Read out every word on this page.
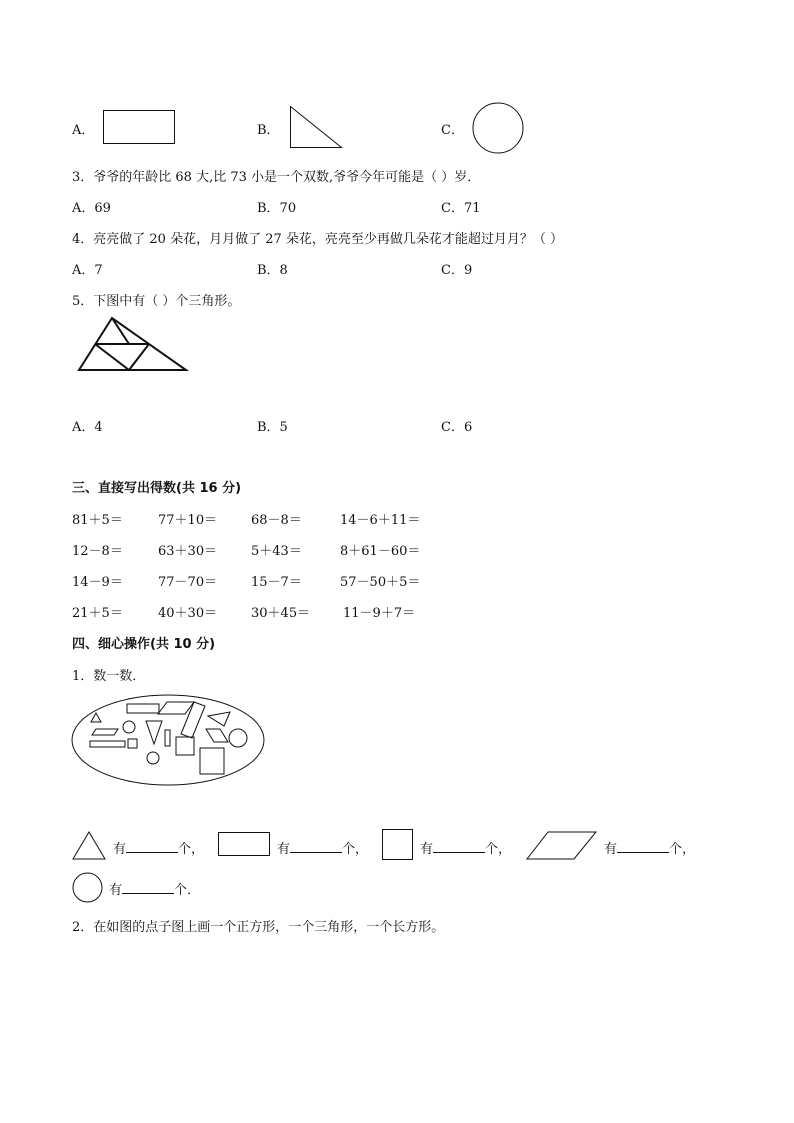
A．	B．	C．
3．爷爷的年龄比 68 大,比 73 小是一个双数,爷爷今年可能是（ ）岁．
A．69	B．70	C．71
4．亮亮做了 20 朵花，月月做了 27 朵花，亮亮至少再做几朵花才能超过月月？（ ）
A．7	B．8	C．9
5．下图中有（ ）个三角形。
A．4	B．5	C．6
三、直接写出得数(共 16 分)
81＋5＝	77＋10＝	68－8＝	14－6＋11＝
12－8＝	63＋30＝	5＋43＝	8＋61－60＝
14－9＝	77－70＝	15－7＝	57－50＋5＝
21＋5＝	40＋30＝	30＋45＝	11－9＋7＝
四、细心操作(共 10 分)
1．数一数．
有	个，	有	个，	有	个，	有	个，
有	个．
2．在如图的点子图上画一个正方形，一个三角形，一个长方形。
